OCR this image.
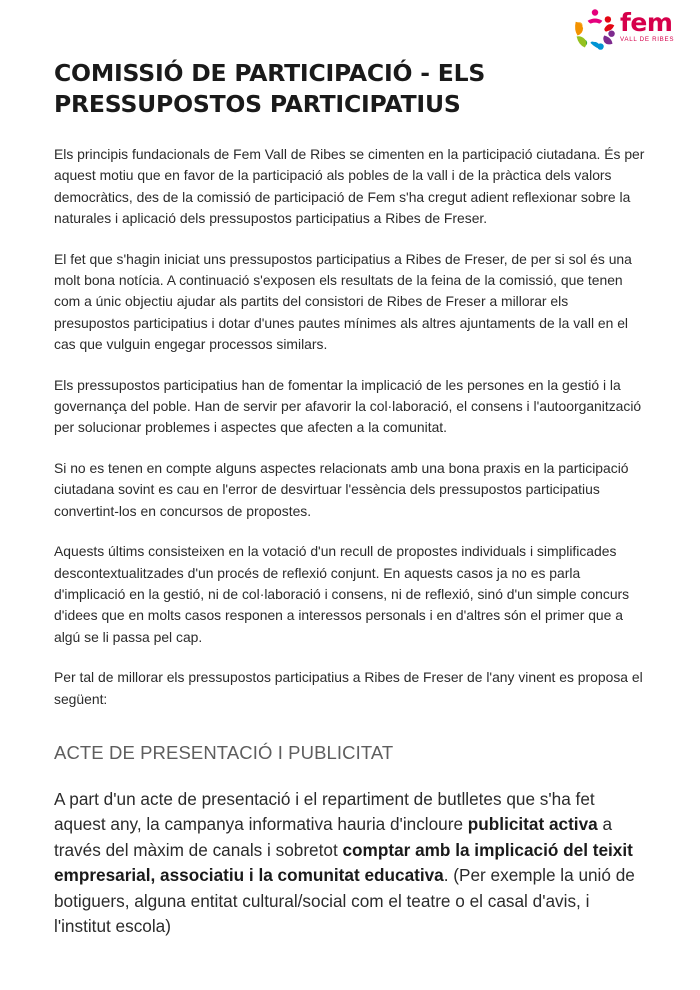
fem
VALL DE RIBES
COMISSIÓ DE PARTICIPACIÓ - ELS PRESSUPOSTOS PARTICIPATIUS

Els principis fundacionals de Fem Vall de Ribes se cimenten en la participació ciutadana. És per aquest motiu que en favor de la participació als pobles de la vall i de la pràctica dels valors democràtics, des de la comissió de participació de Fem s'ha cregut adient reflexionar sobre la naturales i aplicació dels pressupostos participatius a Ribes de Freser.

El fet que s'hagin iniciat uns pressupostos participatius a Ribes de Freser, de per si sol és una molt bona notícia. A continuació s'exposen els resultats de la feina de la comissió, que tenen com a únic objectiu ajudar als partits del consistori de Ribes de Freser a millorar els presupostos participatius i dotar d'unes pautes mínimes als altres ajuntaments de la vall en el cas que vulguin engegar processos similars.

Els pressupostos participatius han de fomentar la implicació de les persones en la gestió i la governança del poble. Han de servir per afavorir la col·laboració, el consens i l'autoorganització per solucionar problemes i aspectes que afecten a la comunitat.

Si no es tenen en compte alguns aspectes relacionats amb una bona praxis en la participació ciutadana sovint es cau en l'error de desvirtuar l'essència dels pressupostos participatius convertint-los en concursos de propostes.

Aquests últims consisteixen en la votació d'un recull de propostes individuals i simplificades descontextualitzades d'un procés de reflexió conjunt. En aquests casos ja no es parla d'implicació en la gestió, ni de col·laboració i consens, ni de reflexió, sinó d'un simple concurs d'idees que en molts casos responen a interessos personals i en d'altres són el primer que a algú se li passa pel cap.

Per tal de millorar els pressupostos participatius a Ribes de Freser de l'any vinent es proposa el següent:

ACTE DE PRESENTACIÓ I PUBLICITAT

A part d'un acte de presentació i el repartiment de butlletes que s'ha fet aquest any, la campanya informativa hauria d'incloure publicitat activa a través del màxim de canals i sobretot comptar amb la implicació del teixit empresarial, associatiu i la comunitat educativa. (Per exemple la unió de botiguers, alguna entitat cultural/social com el teatre o el casal d'avis, i l'institut escola)
